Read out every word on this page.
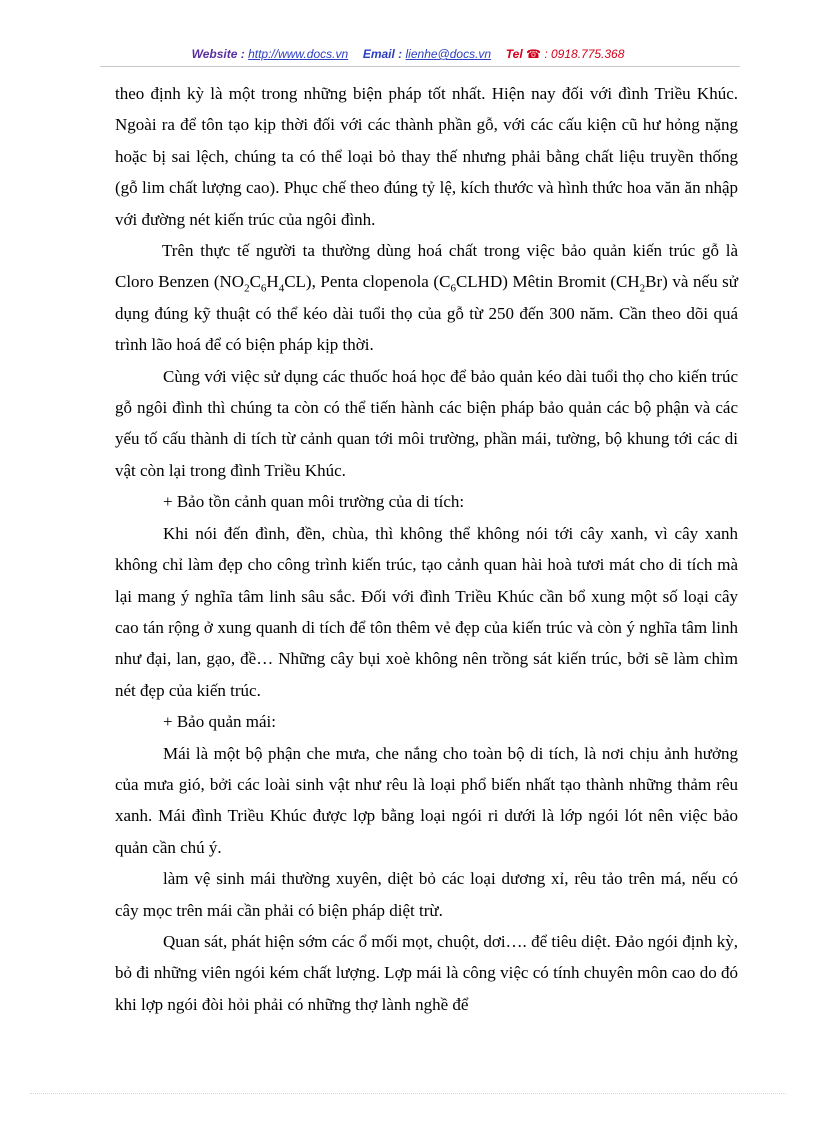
Website : http://www.docs.vn Email : lienhe@docs.vn Tel ☎ : 0918.775.368

theo định kỳ là một trong những biện pháp tốt nhất. Hiện nay đối với đình Triều Khúc. Ngoài ra để tôn tạo kịp thời đối với các thành phần gỗ, với các cấu kiện cũ hư hỏng nặng hoặc bị sai lệch, chúng ta có thể loại bỏ thay thế nhưng phải bằng chất liệu truyền thống (gỗ lim chất lượng cao). Phục chế theo đúng tỷ lệ, kích thước và hình thức hoa văn ăn nhập với đường nét kiến trúc của ngôi đình.

Trên thực tế người ta thường dùng hoá chất trong việc bảo quản kiến trúc gỗ là Cloro Benzen $(NO_2C_6H_4CL)$, Penta clopenola $(C_6CLHD)$ Mêtin Bromit $(CH_2Br)$ và nếu sử dụng đúng kỹ thuật có thể kéo dài tuổi thọ của gỗ từ 250 đến 300 năm. Cần theo dõi quá trình lão hoá để có biện pháp kịp thời.

Cùng với việc sử dụng các thuốc hoá học để bảo quản kéo dài tuổi thọ cho kiến trúc gỗ ngôi đình thì chúng ta còn có thể tiến hành các biện pháp bảo quản các bộ phận và các yếu tố cấu thành di tích từ cảnh quan tới môi trường, phần mái, tường, bộ khung tới các di vật còn lại trong đình Triều Khúc.

+ Bảo tồn cảnh quan môi trường của di tích:

Khi nói đến đình, đền, chùa, thì không thể không nói tới cây xanh, vì cây xanh không chỉ làm đẹp cho công trình kiến trúc, tạo cảnh quan hài hoà tươi mát cho di tích mà lại mang ý nghĩa tâm linh sâu sắc. Đối với đình Triều Khúc cần bổ xung một số loại cây cao tán rộng ở xung quanh di tích để tôn thêm vẻ đẹp của kiến trúc và còn ý nghĩa tâm linh như đại, lan, gạo, đề… Những cây bụi xoè không nên trồng sát kiến trúc, bởi sẽ làm chìm nét đẹp của kiến trúc.

+ Bảo quản mái:

Mái là một bộ phận che mưa, che nắng cho toàn bộ di tích, là nơi chịu ảnh hưởng của mưa gió, bởi các loài sinh vật như rêu là loại phổ biến nhất tạo thành những thảm rêu xanh. Mái đình Triều Khúc được lợp bằng loại ngói ri dưới là lớp ngói lót nên việc bảo quản cần chú ý.

làm vệ sinh mái thường xuyên, diệt bỏ các loại dương xỉ, rêu tảo trên má, nếu có cây mọc trên mái cần phải có biện pháp diệt trừ.

Quan sát, phát hiện sớm các ổ mối mọt, chuột, dơi…. để tiêu diệt. Đảo ngói định kỳ, bỏ đi những viên ngói kém chất lượng. Lợp mái là công việc có tính chuyên môn cao do đó khi lợp ngói đòi hỏi phải có những thợ lành nghề để
